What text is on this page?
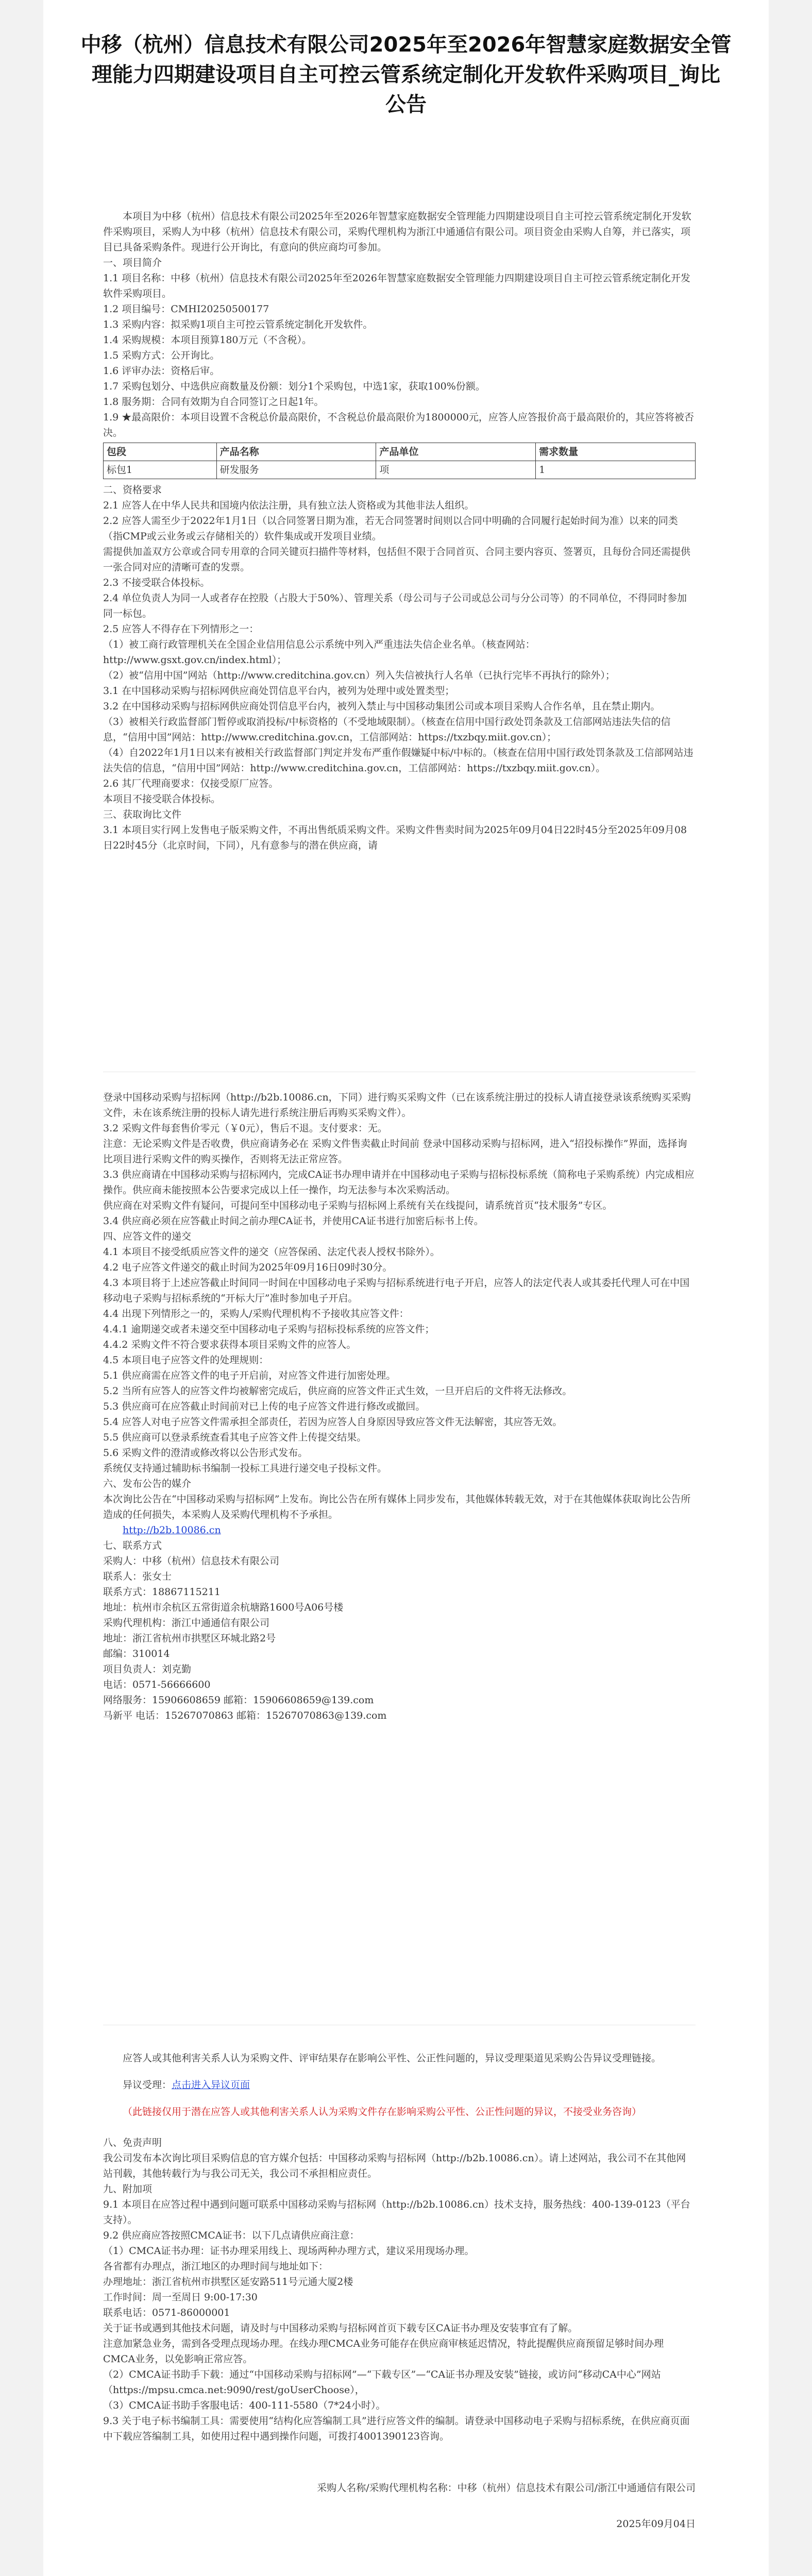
中移（杭州）信息技术有限公司2025年至2026年智慧家庭数据安全管
理能力四期建设项目自主可控云管系统定制化开发软件采购项目_询比
公告

本项目为中移（杭州）信息技术有限公司2025年至2026年智慧家庭数据安全管理能力四期建设项目自主可控云管系统定制化开发软件采购项目，采购人为中移（杭州）信息技术有限公司，采购代理机构为浙江中通通信有限公司。项目资金由采购人自筹，并已落实，项目已具备采购条件。现进行公开询比，有意向的供应商均可参加。

一、项目简介

1.1 项目名称：中移（杭州）信息技术有限公司2025年至2026年智慧家庭数据安全管理能力四期建设项目自主可控云管系统定制化开发软件采购项目。

1.2 项目编号：CMHI20250500177

1.3 采购内容：拟采购1项自主可控云管系统定制化开发软件。

1.4 采购规模：本项目预算180万元（不含税）。

1.5 采购方式：公开询比。

1.6 评审办法：资格后审。

1.7 采购包划分、中选供应商数量及份额：划分1个采购包，中选1家，获取100%份额。

1.8 服务期：合同有效期为自合同签订之日起1年。

1.9 ★最高限价：本项目设置不含税总价最高限价，不含税总价最高限价为1800000元，应答人应答报价高于最高限价的，其应答将被否决。

包段	产品名称	产品单位	需求数量
标包1	研发服务	项	1

二、资格要求

2.1 应答人在中华人民共和国境内依法注册，具有独立法人资格或为其他非法人组织。

2.2 应答人需至少于2022年1月1日（以合同签署日期为准，若无合同签署时间则以合同中明确的合同履行起始时间为准）以来的同类（指CMP或云业务或云存储相关的）软件集成或开发项目业绩。

需提供加盖双方公章或合同专用章的合同关键页扫描件等材料，包括但不限于合同首页、合同主要内容页、签署页，且每份合同还需提供一张合同对应的清晰可查的发票。

2.3 不接受联合体投标。

2.4 单位负责人为同一人或者存在控股（占股大于50%）、管理关系（母公司与子公司或总公司与分公司等）的不同单位，不得同时参加同一标包。

2.5 应答人不得存在下列情形之一：

（1）被工商行政管理机关在全国企业信用信息公示系统中列入严重违法失信企业名单。（核查网站：http://www.gsxt.gov.cn/index.html）；

（2）被“信用中国”网站（http://www.creditchina.gov.cn）列入失信被执行人名单（已执行完毕不再执行的除外）；

3.1 在中国移动采购与招标网供应商处罚信息平台内，被列为处理中或处置类型；

3.2 在中国移动采购与招标网供应商处罚信息平台内，被列入禁止与中国移动集团公司或本项目采购人合作名单，且在禁止期内。

（3）被相关行政监督部门暂停或取消投标/中标资格的（不受地域限制）。（核查在信用中国行政处罚条款及工信部网站违法失信的信息，“信用中国”网站：http://www.creditchina.gov.cn，工信部网站：https://txzbqy.miit.gov.cn）；

（4）自2022年1月1日以来有被相关行政监督部门判定并发布严重作假嫌疑中标/中标的。（核查在信用中国行政处罚条款及工信部网站违法失信的信息，“信用中国”网站：http://www.creditchina.gov.cn，工信部网站：https://txzbqy.miit.gov.cn）。

2.6 其厂代理商要求：仅接受原厂应答。

本项目不接受联合体投标。

三、获取询比文件

3.1 本项目实行网上发售电子版采购文件，不再出售纸质采购文件。采购文件售卖时间为2025年09月04日22时45分至2025年09月08日22时45分（北京时间，下同），凡有意参与的潜在供应商，请

登录中国移动采购与招标网（http://b2b.10086.cn，下同）进行购买采购文件（已在该系统注册过的投标人请直接登录该系统购买采购文件，未在该系统注册的投标人请先进行系统注册后再购买采购文件）。

3.2 采购文件每套售价零元（￥0元），售后不退。支付要求：无。

注意：无论采购文件是否收费，供应商请务必在 采购文件售卖截止时间前 登录中国移动采购与招标网，进入“招投标操作”界面，选择询比项目进行采购文件的购买操作，否则将无法正常应答。

3.3 供应商请在中国移动采购与招标网内，完成CA证书办理申请并在中国移动电子采购与招标投标系统（简称电子采购系统）内完成相应操作。供应商未能按照本公告要求完成以上任一操作，均无法参与本次采购活动。

供应商在对采购文件有疑问，可提问至中国移动电子采购与招标网上系统有关在线提问，请系统首页“技术服务”专区。

3.4 供应商必须在应答截止时间之前办理CA证书，并使用CA证书进行加密后标书上传。

四、应答文件的递交

4.1 本项目不接受纸质应答文件的递交（应答保函、法定代表人授权书除外）。

4.2 电子应答文件递交的截止时间为2025年09月16日09时30分。

4.3 本项目将于上述应答截止时间同一时间在中国移动电子采购与招标系统进行电子开启，应答人的法定代表人或其委托代理人可在中国移动电子采购与招标系统的“开标大厅”准时参加电子开启。

4.4 出现下列情形之一的，采购人/采购代理机构不予接收其应答文件：

4.4.1 逾期递交或者未递交至中国移动电子采购与招标投标系统的应答文件；

4.4.2 采购文件不符合要求获得本项目采购文件的应答人。

4.5 本项目电子应答文件的处理规则：

5.1 供应商需在应答文件的电子开启前，对应答文件进行加密处理。

5.2 当所有应答人的应答文件均被解密完成后，供应商的应答文件正式生效，一旦开启后的文件将无法修改。

5.3 供应商可在应答截止时间前对已上传的电子应答文件进行修改或撤回。

5.4 应答人对电子应答文件需承担全部责任，若因为应答人自身原因导致应答文件无法解密，其应答无效。

5.5 供应商可以登录系统查看其电子应答文件上传提交结果。

5.6 采购文件的澄清或修改将以公告形式发布。

系统仅支持通过辅助标书编制一投标工具进行递交电子投标文件。

六、发布公告的媒介

本次询比公告在“中国移动采购与招标网”上发布。询比公告在所有媒体上同步发布，其他媒体转载无效，对于在其他媒体获取询比公告所造成的任何损失，本采购人及采购代理机构不予承担。

http://b2b.10086.cn

七、联系方式

采购人：中移（杭州）信息技术有限公司

联系人：张女士

联系方式：18867115211

地址：杭州市余杭区五常街道余杭塘路1600号A06号楼

采购代理机构：浙江中通通信有限公司

地址：浙江省杭州市拱墅区环城北路2号

邮编：310014

项目负责人：刘克勤

电话：0571-56666600

网络服务：15906608659 邮箱：15906608659@139.com

马新平 电话：15267070863 邮箱：15267070863@139.com

应答人或其他利害关系人认为采购文件、评审结果存在影响公平性、公正性问题的，异议受理渠道见采购公告异议受理链接。

异议受理：点击进入异议页面

（此链接仅用于潜在应答人或其他利害关系人认为采购文件存在影响采购公平性、公正性问题的异议，不接受业务咨询）

八、免责声明

我公司发布本次询比项目采购信息的官方媒介包括：中国移动采购与招标网（http://b2b.10086.cn）。请上述网站，我公司不在其他网站刊载，其他转载行为与我公司无关，我公司不承担相应责任。

九、附加项

9.1 本项目在应答过程中遇到问题可联系中国移动采购与招标网（http://b2b.10086.cn）技术支持，服务热线：400-139-0123（平台支持）。

9.2 供应商应答按照CMCA证书：以下几点请供应商注意：

（1）CMCA证书办理：证书办理采用线上、现场两种办理方式，建议采用现场办理。

各省都有办理点，浙江地区的办理时间与地址如下：

办理地址：浙江省杭州市拱墅区延安路511号元通大厦2楼

工作时间：周一至周日 9:00-17:30

联系电话：0571-86000001

关于证书或遇到其他技术问题，请及时与中国移动采购与招标网首页下载专区CA证书办理及安装事宜有了解。

注意加紧急业务，需到各受理点现场办理。在线办理CMCA业务可能存在供应商审核延迟情况，特此提醒供应商预留足够时间办理CMCA业务，以免影响正常应答。

（2）CMCA证书助手下载：通过“中国移动采购与招标网”—“下载专区”—“CA证书办理及安装”链接，或访问“移动CA中心”网站（https://mpsu.cmca.net:9090/rest/goUserChoose），

（3）CMCA证书助手客服电话：400-111-5580（7*24小时）。

9.3 关于电子标书编制工具：需要使用“结构化应答编制工具”进行应答文件的编制。请登录中国移动电子采购与招标系统，在供应商页面中下载应答编制工具，如使用过程中遇到操作问题，可拨打4001390123咨询。

采购人名称/采购代理机构名称：中移（杭州）信息技术有限公司/浙江中通通信有限公司

2025年09月04日
